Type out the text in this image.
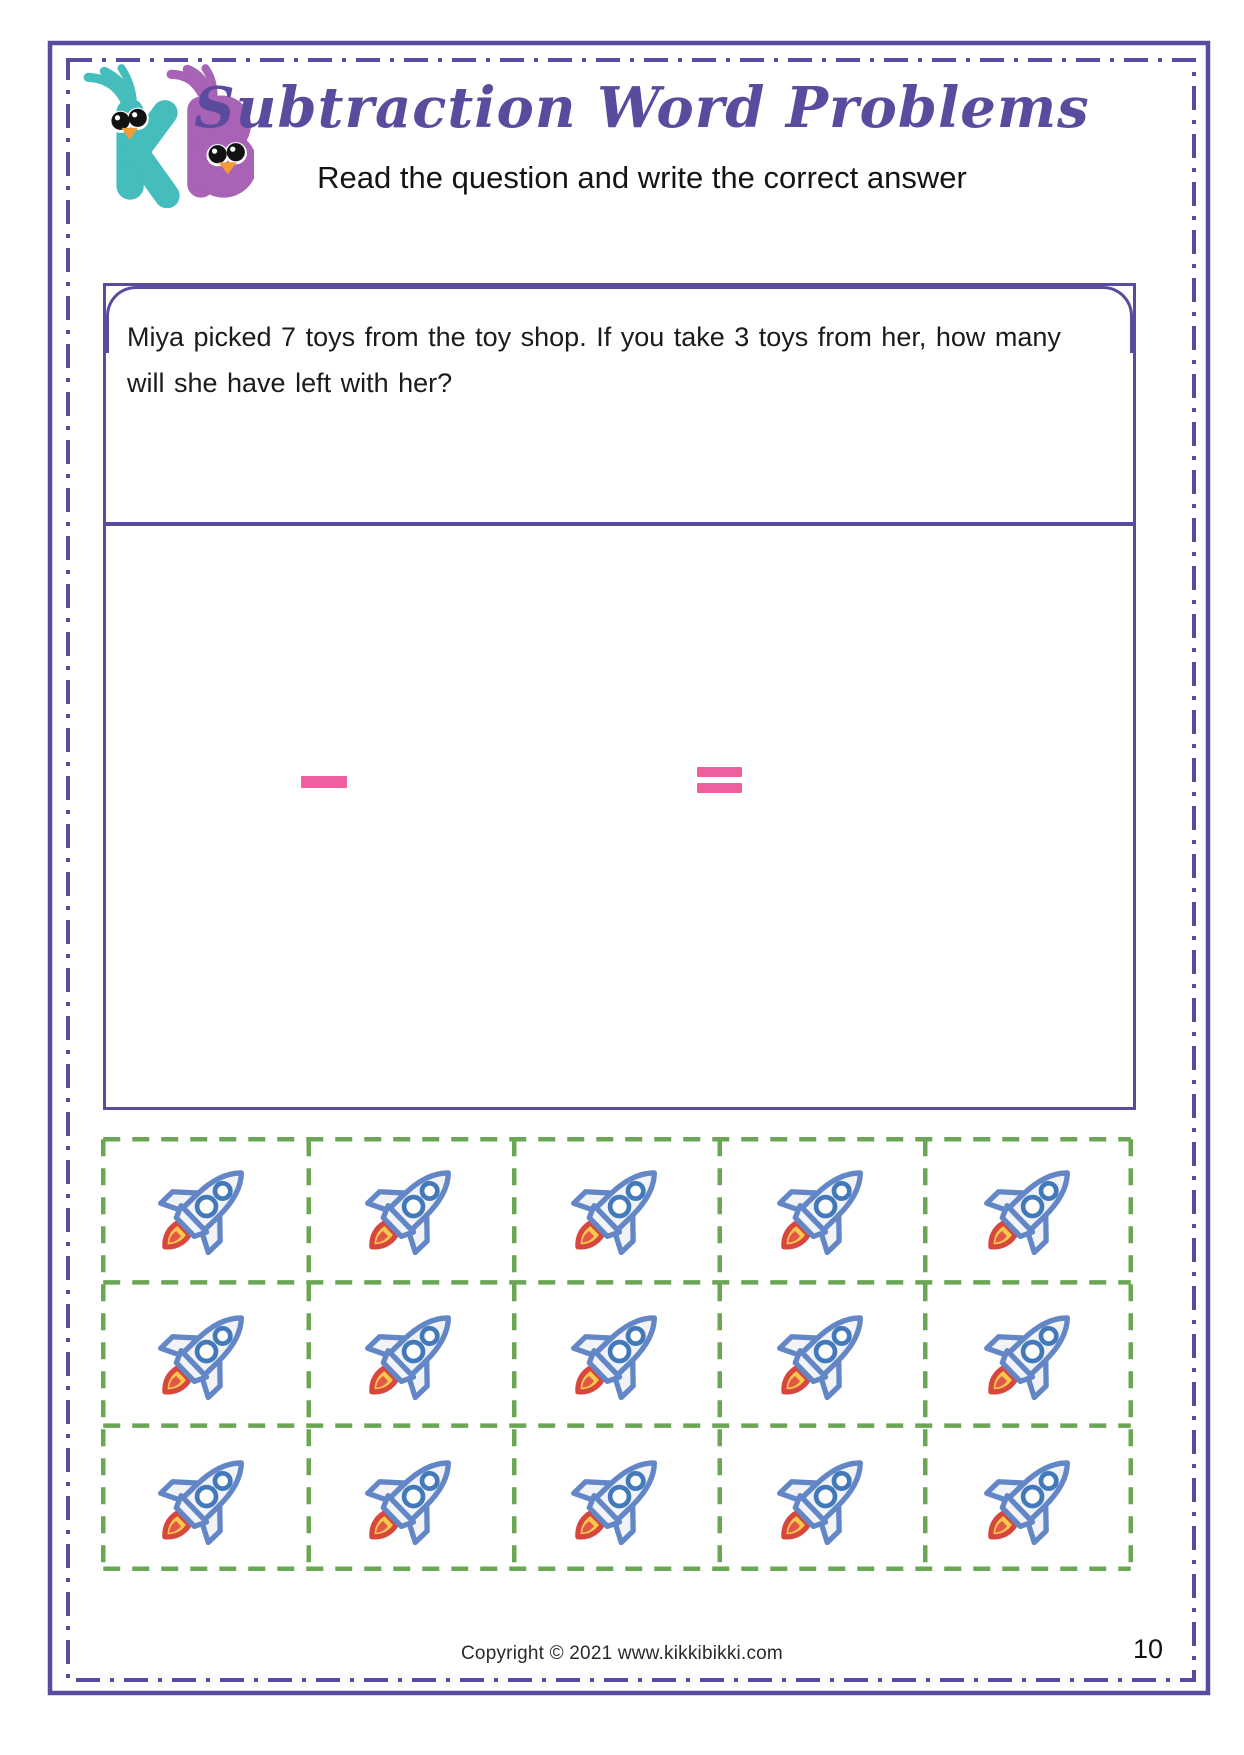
Subtraction Word Problems
Read the question and write the correct answer
Miya picked 7 toys from the toy shop. If you take 3 toys from her, how many will she have left with her?
Copyright © 2021 www.kikkibikki.com	10
